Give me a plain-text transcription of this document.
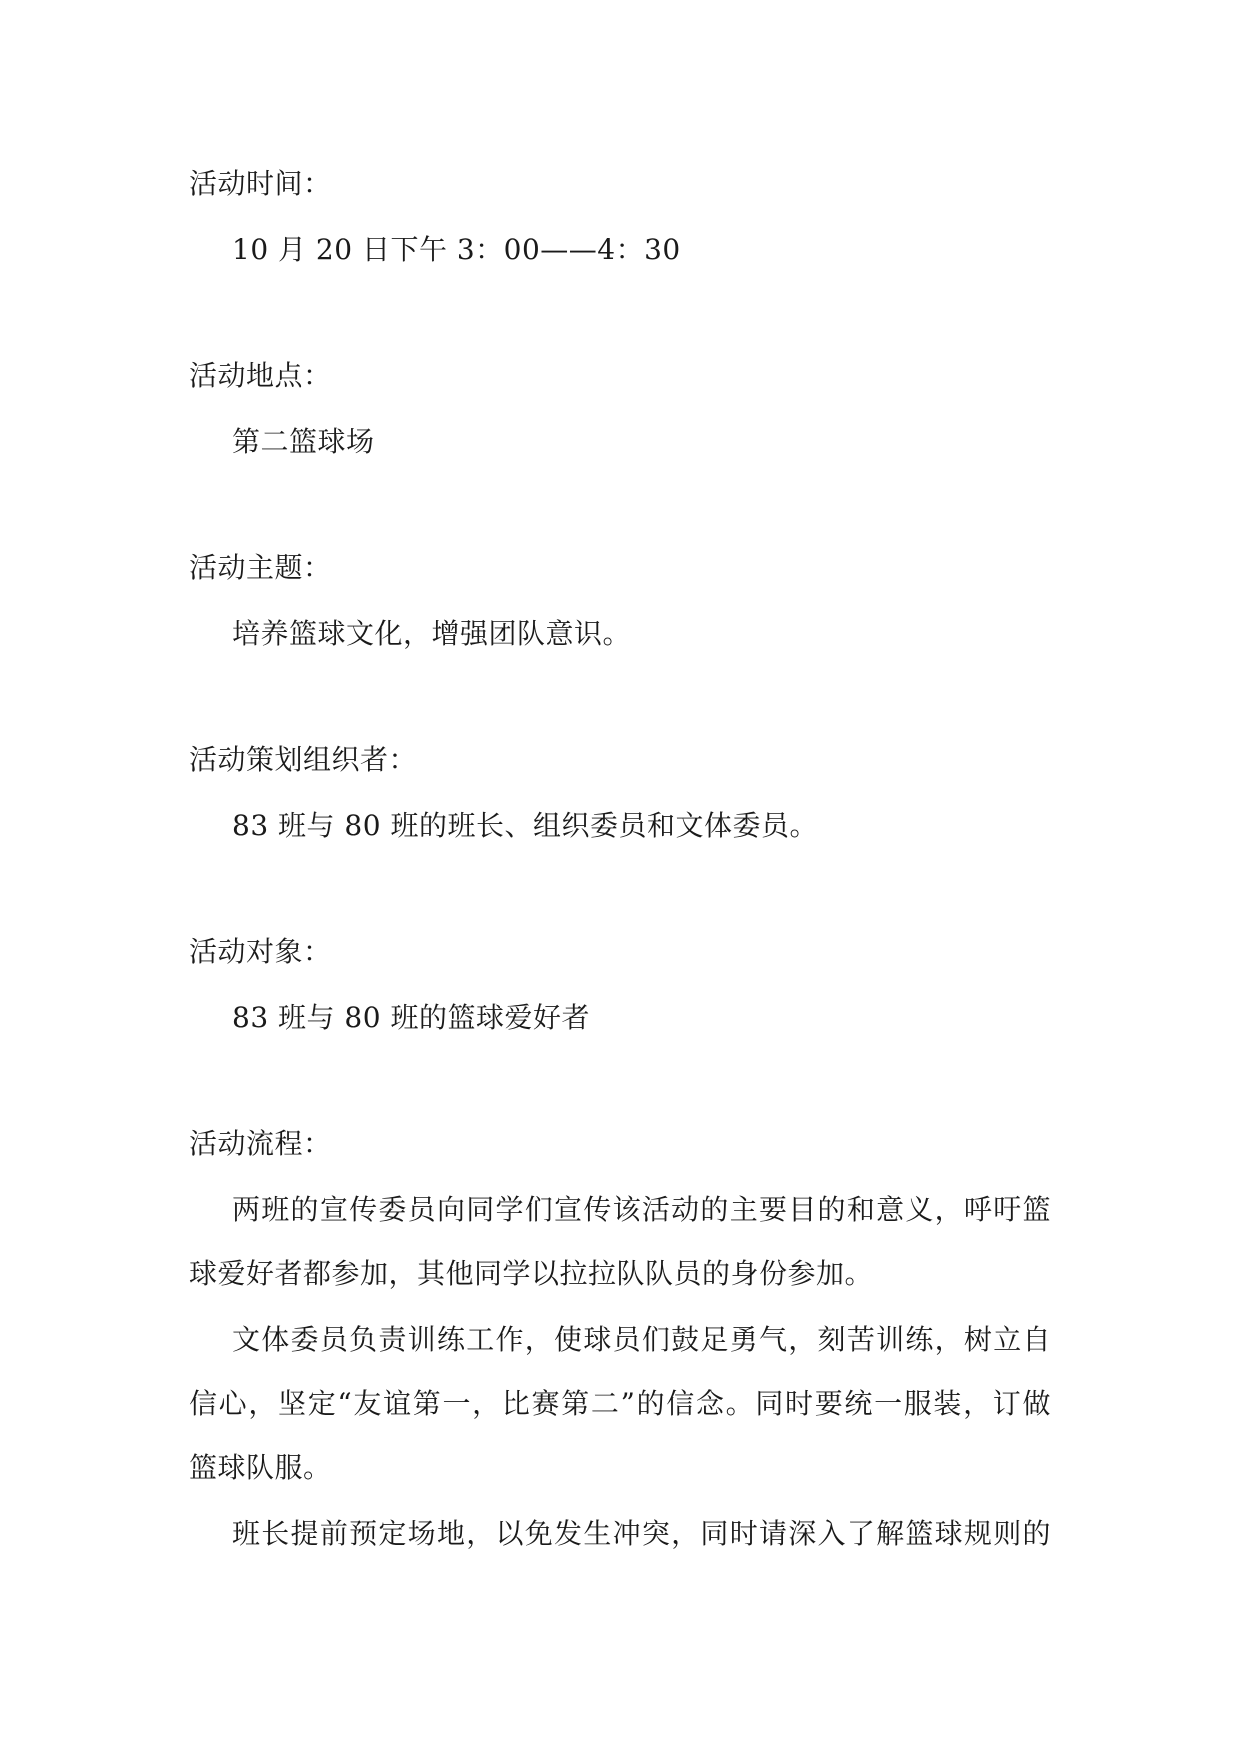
活动时间：
10 月 20 日下午 3：00——4：30
活动地点：
第二篮球场
活动主题：
培养篮球文化，增强团队意识。
活动策划组织者：
83 班与 80 班的班长、组织委员和文体委员。
活动对象：
83 班与 80 班的篮球爱好者
活动流程：
两班的宣传委员向同学们宣传该活动的主要目的和意义，呼吁篮
球爱好者都参加，其他同学以拉拉队队员的身份参加。
文体委员负责训练工作，使球员们鼓足勇气，刻苦训练，树立自
信心，坚定“友谊第一，比赛第二”的信念。同时要统一服装，订做
篮球队服。
班长提前预定场地，以免发生冲突，同时请深入了解篮球规则的
